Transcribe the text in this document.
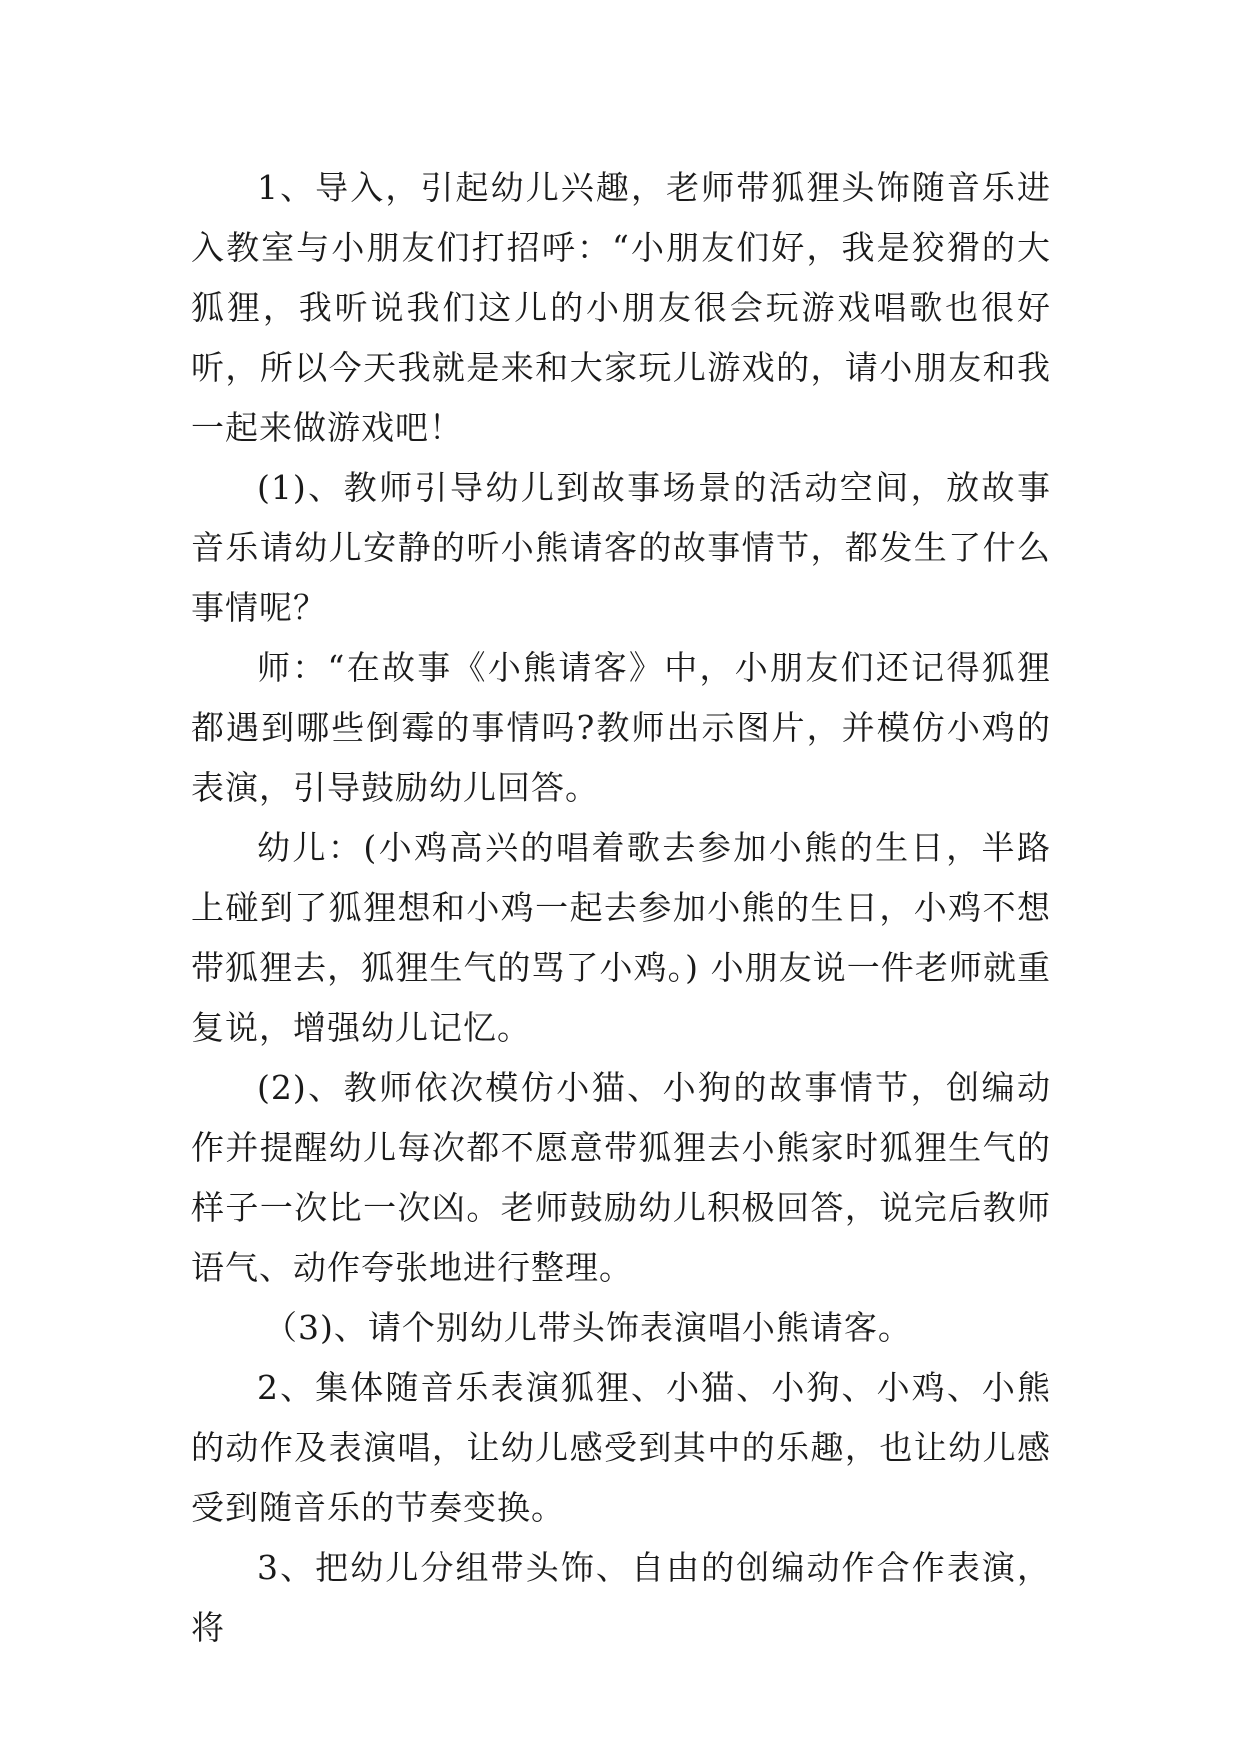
1、导入，引起幼儿兴趣，老师带狐狸头饰随音乐进入教室与小朋友们打招呼：“小朋友们好，我是狡猾的大狐狸，我听说我们这儿的小朋友很会玩游戏唱歌也很好听，所以今天我就是来和大家玩儿游戏的，请小朋友和我一起来做游戏吧！

(1)、教师引导幼儿到故事场景的活动空间，放故事音乐请幼儿安静的听小熊请客的故事情节，都发生了什么事情呢？

师：“在故事《小熊请客》中，小朋友们还记得狐狸都遇到哪些倒霉的事情吗?教师出示图片，并模仿小鸡的表演，引导鼓励幼儿回答。

幼儿：(小鸡高兴的唱着歌去参加小熊的生日，半路上碰到了狐狸想和小鸡一起去参加小熊的生日，小鸡不想带狐狸去，狐狸生气的骂了小鸡。) 小朋友说一件老师就重复说，增强幼儿记忆。

(2)、教师依次模仿小猫、小狗的故事情节，创编动作并提醒幼儿每次都不愿意带狐狸去小熊家时狐狸生气的样子一次比一次凶。老师鼓励幼儿积极回答，说完后教师语气、动作夸张地进行整理。

（3)、请个别幼儿带头饰表演唱小熊请客。

2、集体随音乐表演狐狸、小猫、小狗、小鸡、小熊的动作及表演唱，让幼儿感受到其中的乐趣，也让幼儿感受到随音乐的节奏变换。

3、把幼儿分组带头饰、自由的创编动作合作表演，将
